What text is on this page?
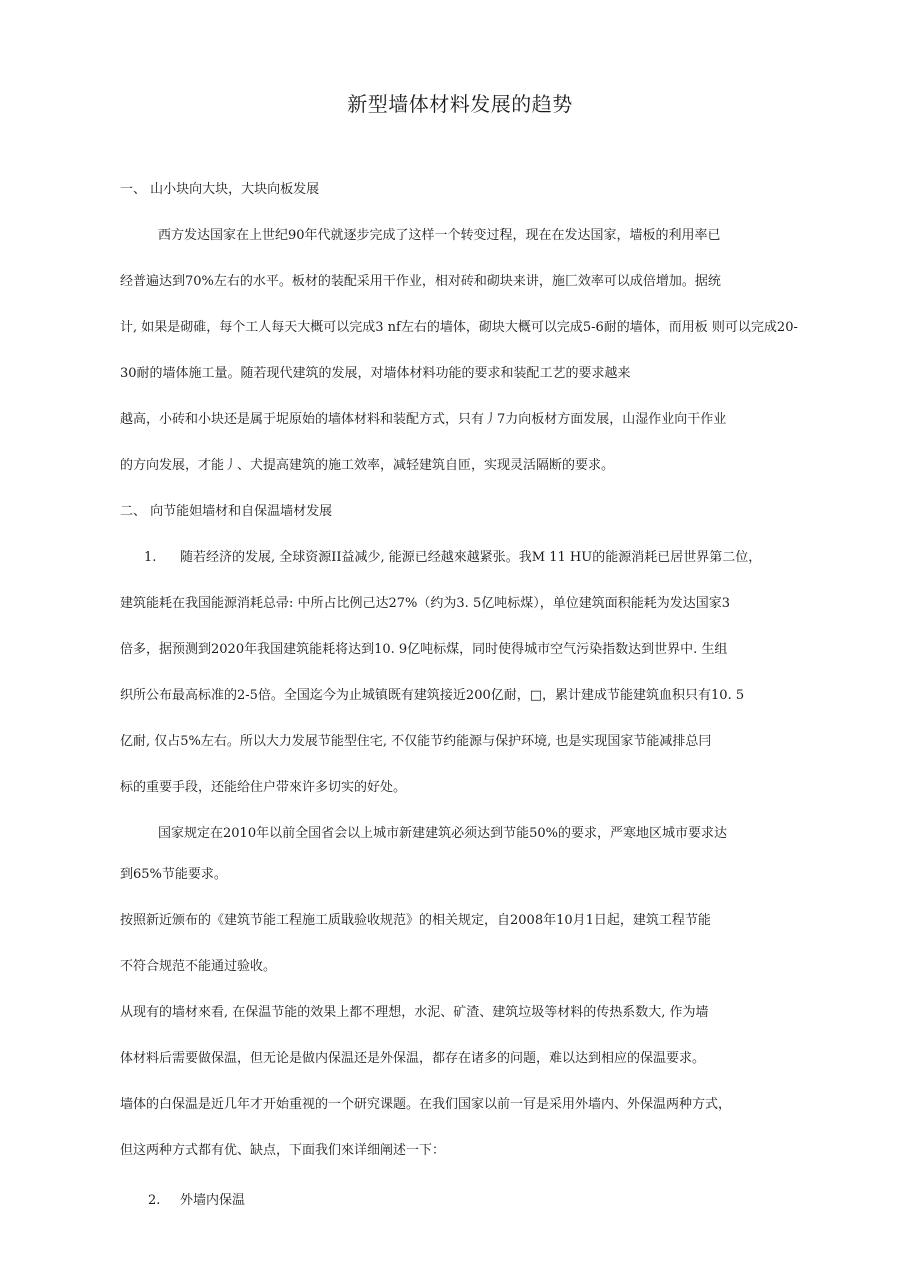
新型墙体材料发展的趋势
一、 山小块向大块，大块向板发展
西方发达国家在上世纪90年代就逐步完成了这样一个转变过程，现在在发达国家，墙板的利用率已
经普遍达到70%左右的水平。板材的装配采用干作业，相对砖和砌块来讲，施匚效率可以成倍增加。据统
计, 如果是砌碓，每个工人每天大概可以完成3 nf左右的墙体，砌块大概可以完成5-6耐的墙体，而用板 则可以完成20-
30耐的墙体施工量。随若现代建筑的发展，对墙体材料功能的要求和装配工艺的要求越来
越高，小砖和小块还是属于坭原始的墙体材料和装配方式，只有丿7力向板材方面发展，山湿作业向干作业
的方向发展，才能丿、犬提高建筑的施工效率，减轻建筑自匝，实现灵活隔断的要求。
二、 向节能妲墙材和自保温墙材发展
1. 随若经济的发展, 全球资源II益减少, 能源已经越來越紧张。我M 11 HU的能源消耗已居世界第二位，
建筑能耗在我国能源消耗总帚: 中所占比例己达27%（约为3. 5亿吨标煤），单位建筑面积能耗为发达国家3
倍多，据预测到2020年我国建筑能耗将达到10. 9亿吨标煤，同时使得城市空气污染指数达到世界中. 生组
织所公布最高标准的2-5倍。全国迄今为止城镇既有建筑接近200亿耐，□，累计建成节能建筑血积只有10. 5
亿耐, 仅占5%左右。所以大力发展节能型住宅, 不仅能节约能源与保护环境, 也是实现国家节能减排总冃
标的重要手段，还能给住户带來许多切实的好处。
国家规定在2010年以前全国省会以上城市新建建筑必须达到节能50%的要求，严寒地区城市要求达
到65%节能要求。
按照新近颁布的《建筑节能工程施工质戢验收规范》的相关规定，自2008年10月1日起，建筑工程节能
不符合规范不能通过验收。
从现有的墙材來看, 在保温节能的效果上都不理想，水泥、矿渣、建筑垃圾等材料的传热系数大, 作为墙
体材料后需要做保温，但无论是做内保温还是外保温，都存在诸多的问题，难以达到相应的保温要求。
墙体的白保温是近几年才开始重视的一个研究课题。在我们国家以前一肎是采用外墙内、外保温两种方式，
但这两种方式都有优、缺点，下面我们來详细阐述一下：
2. 外墙内保温
